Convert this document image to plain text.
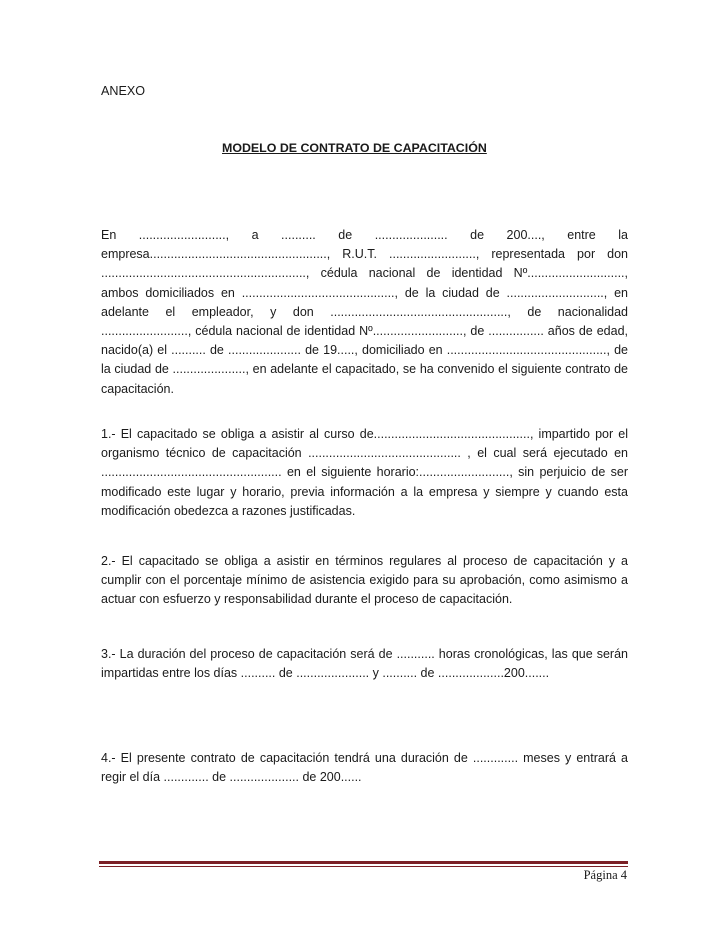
ANEXO
MODELO DE CONTRATO DE CAPACITACIÓN
En ........................., a .......... de ..................... de 200...., entre la empresa..................................................., R.U.T. ........................., representada por don ..........................................................., cédula nacional de identidad Nº............................, ambos domiciliados en ............................................, de la ciudad de ............................, en adelante el empleador, y don ..................................................., de nacionalidad ........................., cédula nacional de identidad Nº.........................., de ................ años de edad, nacido(a) el .......... de ..................... de 19....., domiciliado en .............................................., de la ciudad de ....................., en adelante el capacitado, se ha convenido el siguiente contrato de capacitación.
1.- El capacitado se obliga a asistir al curso de............................................., impartido por el organismo técnico de capacitación ............................................ , el cual será ejecutado en .................................................... en el siguiente horario:.........................., sin perjuicio de ser modificado este lugar y horario, previa información a la empresa y siempre y cuando esta modificación obedezca a razones justificadas.
2.- El capacitado se obliga a asistir en términos regulares al proceso de capacitación y a cumplir con el porcentaje mínimo de asistencia exigido para su aprobación, como asimismo a actuar con esfuerzo y responsabilidad durante el proceso de capacitación.
3.- La duración del proceso de capacitación será de ........... horas cronológicas, las que serán impartidas entre los días .......... de ..................... y .......... de ...................200.......
4.- El presente contrato de capacitación tendrá una duración de ............. meses y entrará a regir el día ............. de .................... de 200......
Página 4
